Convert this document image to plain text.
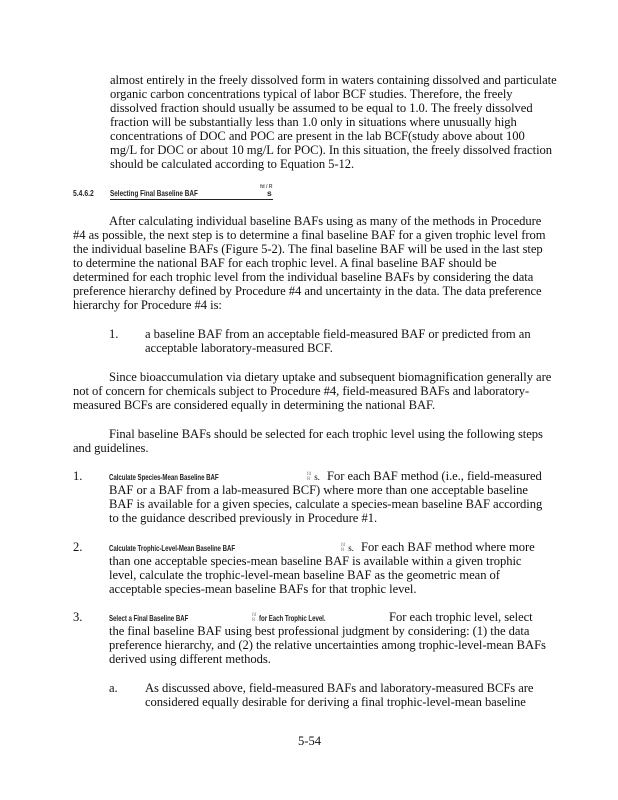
almost entirely in the freely dissolved form in waters containing dissolved and particulate
organic carbon concentrations typical of labor BCF studies. Therefore, the freely
dissolved fraction should usually be assumed to be equal to 1.0. The freely dissolved
fraction will be substantially less than 1.0 only in situations where unusually high
concentrations of DOC and POC are present in the lab BCF(study above about 100
mg/L for DOC or about 10 mg/L for POC). In this situation, the freely dissolved fraction
should be calculated according to Equation 5-12.
5.4.6.2 Selecting Final Baseline BAF
fd / R
s
After calculating individual baseline BAFs using as many of the methods in Procedure
#4 as possible, the next step is to determine a final baseline BAF for a given trophic level from
the individual baseline BAFs (Figure 5-2). The final baseline BAF will be used in the last step
to determine the national BAF for each trophic level. A final baseline BAF should be
determined for each trophic level from the individual baseline BAFs by considering the data
preference hierarchy defined by Procedure #4 and uncertainty in the data. The data preference
hierarchy for Procedure #4 is:
1. a baseline BAF from an acceptable field-measured BAF or predicted from an
acceptable laboratory-measured BCF.
Since bioaccumulation via dietary uptake and subsequent biomagnification generally are
not of concern for chemicals subject to Procedure #4, field-measured BAFs and laboratory-
measured BCFs are considered equally in determining the national BAF.
Final baseline BAFs should be selected for each trophic level using the following steps
and guidelines.
1.	Calculate Species-Mean Baseline BAF	fd
R s. For each BAF method (i.e., field-measured
BAF or a BAF from a lab-measured BCF) where more than one acceptable baseline
BAF is available for a given species, calculate a species-mean baseline BAF according
to the guidance described previously in Procedure #1.
2.	Calculate Trophic-Level-Mean Baseline BAF	fd
R s. For each BAF method where more
than one acceptable species-mean baseline BAF is available within a given trophic
level, calculate the trophic-level-mean baseline BAF as the geometric mean of
acceptable species-mean baseline BAFs for that trophic level.
3.	Select a Final Baseline BAF	fd
R for Each Trophic Level.	For each trophic level, select
the final baseline BAF using best professional judgment by considering: (1) the data
preference hierarchy, and (2) the relative uncertainties among trophic-level-mean BAFs
derived using different methods.
a. As discussed above, field-measured BAFs and laboratory-measured BCFs are
considered equally desirable for deriving a final trophic-level-mean baseline
5-54
